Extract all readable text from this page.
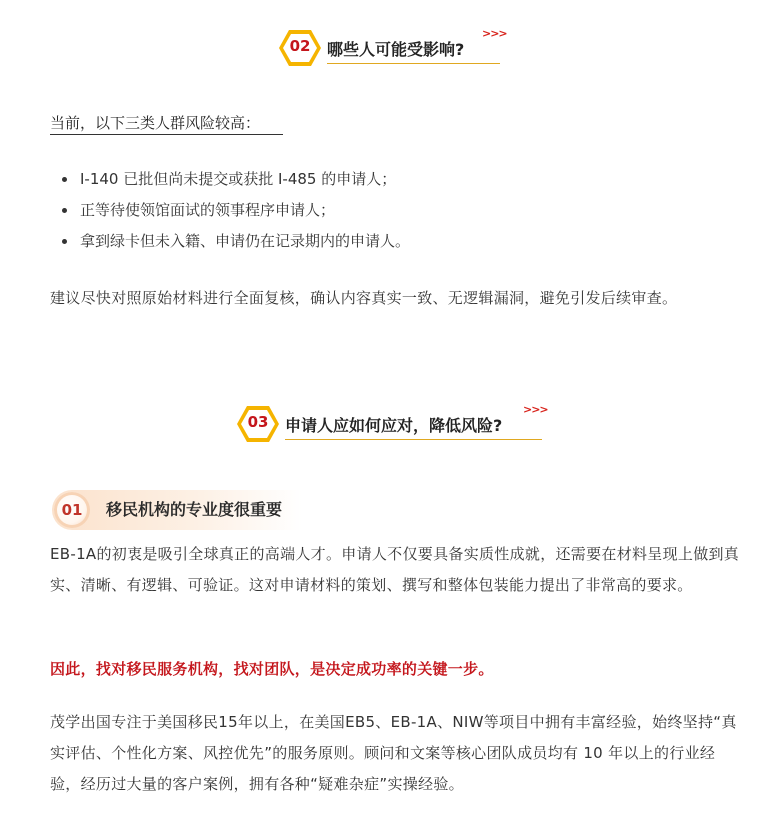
02	哪些人可能受影响?
>>>
当前，以下三类人群风险较高：
I-140 已批但尚未提交或获批 I-485 的申请人；
正等待使领馆面试的领事程序申请人；
拿到绿卡但未入籍、申请仍在记录期内的申请人。
建议尽快对照原始材料进行全面复核，确认内容真实一致、无逻辑漏洞，避免引发后续审查。
03	申请人应如何应对，降低风险?
>>>
01	移民机构的专业度很重要
EB-1A的初衷是吸引全球真正的高端人才。申请人不仅要具备实质性成就，还需要在材料呈现上做到真实、清晰、有逻辑、可验证。这对申请材料的策划、撰写和整体包装能力提出了非常高的要求。
因此，找对移民服务机构，找对团队，是决定成功率的关键一步。
茂学出国专注于美国移民15年以上，在美国EB5、EB-1A、NIW等项目中拥有丰富经验，始终坚持“真实评估、个性化方案、风控优先”的服务原则。顾问和文案等核心团队成员均有 10 年以上的行业经验，经历过大量的客户案例，拥有各种“疑难杂症”实操经验。
